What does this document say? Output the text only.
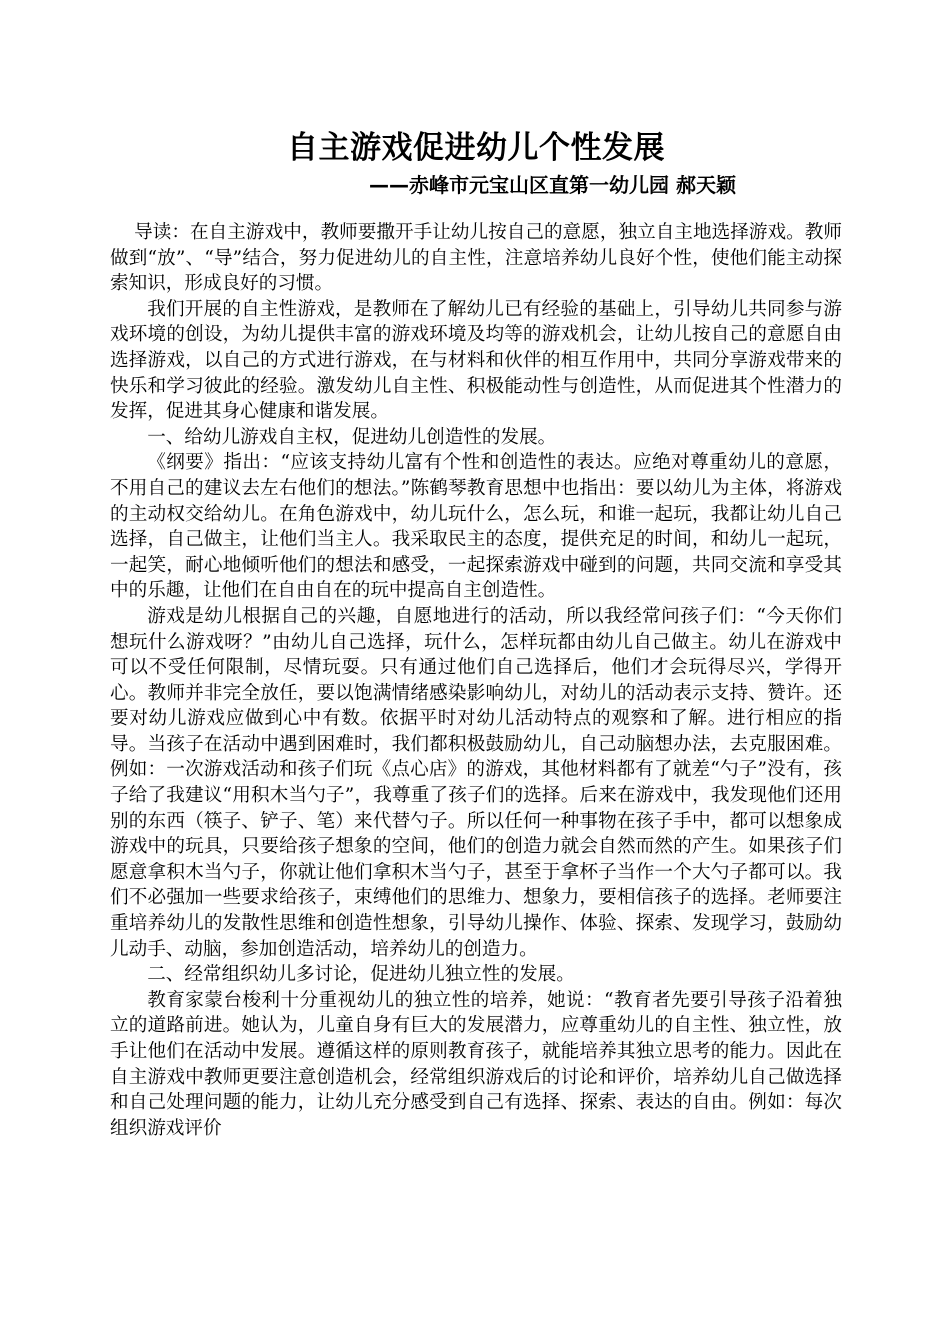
自主游戏促进幼儿个性发展
——赤峰市元宝山区直第一幼儿园 郝天颖

导读：在自主游戏中，教师要撒开手让幼儿按自己的意愿，独立自主地选择游戏。教师做到“放”、“导”结合，努力促进幼儿的自主性，注意培养幼儿良好个性，使他们能主动探索知识，形成良好的习惯。

我们开展的自主性游戏，是教师在了解幼儿已有经验的基础上，引导幼儿共同参与游戏环境的创设，为幼儿提供丰富的游戏环境及均等的游戏机会，让幼儿按自己的意愿自由选择游戏，以自己的方式进行游戏，在与材料和伙伴的相互作用中，共同分享游戏带来的快乐和学习彼此的经验。激发幼儿自主性、积极能动性与创造性，从而促进其个性潜力的发挥，促进其身心健康和谐发展。

一、给幼儿游戏自主权，促进幼儿创造性的发展。

《纲要》指出：“应该支持幼儿富有个性和创造性的表达。应绝对尊重幼儿的意愿，不用自己的建议去左右他们的想法。”陈鹤琴教育思想中也指出：要以幼儿为主体，将游戏的主动权交给幼儿。在角色游戏中，幼儿玩什么，怎么玩，和谁一起玩，我都让幼儿自己选择，自己做主，让他们当主人。我采取民主的态度，提供充足的时间，和幼儿一起玩，一起笑，耐心地倾听他们的想法和感受，一起探索游戏中碰到的问题，共同交流和享受其中的乐趣，让他们在自由自在的玩中提高自主创造性。

游戏是幼儿根据自己的兴趣，自愿地进行的活动，所以我经常问孩子们：“今天你们想玩什么游戏呀？”由幼儿自己选择，玩什么，怎样玩都由幼儿自己做主。幼儿在游戏中可以不受任何限制，尽情玩耍。只有通过他们自己选择后，他们才会玩得尽兴，学得开心。教师并非完全放任，要以饱满情绪感染影响幼儿，对幼儿的活动表示支持、赞许。还要对幼儿游戏应做到心中有数。依据平时对幼儿活动特点的观察和了解。进行相应的指导。当孩子在活动中遇到困难时，我们都积极鼓励幼儿，自己动脑想办法，去克服困难。例如：一次游戏活动和孩子们玩《点心店》的游戏，其他材料都有了就差“勺子”没有，孩子给了我建议“用积木当勺子”，我尊重了孩子们的选择。后来在游戏中，我发现他们还用别的东西（筷子、铲子、笔）来代替勺子。所以任何一种事物在孩子手中，都可以想象成游戏中的玩具，只要给孩子想象的空间，他们的创造力就会自然而然的产生。如果孩子们愿意拿积木当勺子，你就让他们拿积木当勺子，甚至于拿杯子当作一个大勺子都可以。我们不必强加一些要求给孩子，束缚他们的思维力、想象力，要相信孩子的选择。老师要注重培养幼儿的发散性思维和创造性想象，引导幼儿操作、体验、探索、发现学习，鼓励幼儿动手、动脑，参加创造活动，培养幼儿的创造力。

二、经常组织幼儿多讨论，促进幼儿独立性的发展。

教育家蒙台梭利十分重视幼儿的独立性的培养，她说：“教育者先要引导孩子沿着独立的道路前进。她认为，儿童自身有巨大的发展潜力，应尊重幼儿的自主性、独立性，放手让他们在活动中发展。遵循这样的原则教育孩子，就能培养其独立思考的能力。因此在自主游戏中教师更要注意创造机会，经常组织游戏后的讨论和评价，培养幼儿自己做选择和自己处理问题的能力，让幼儿充分感受到自己有选择、探索、表达的自由。例如：每次组织游戏评价
